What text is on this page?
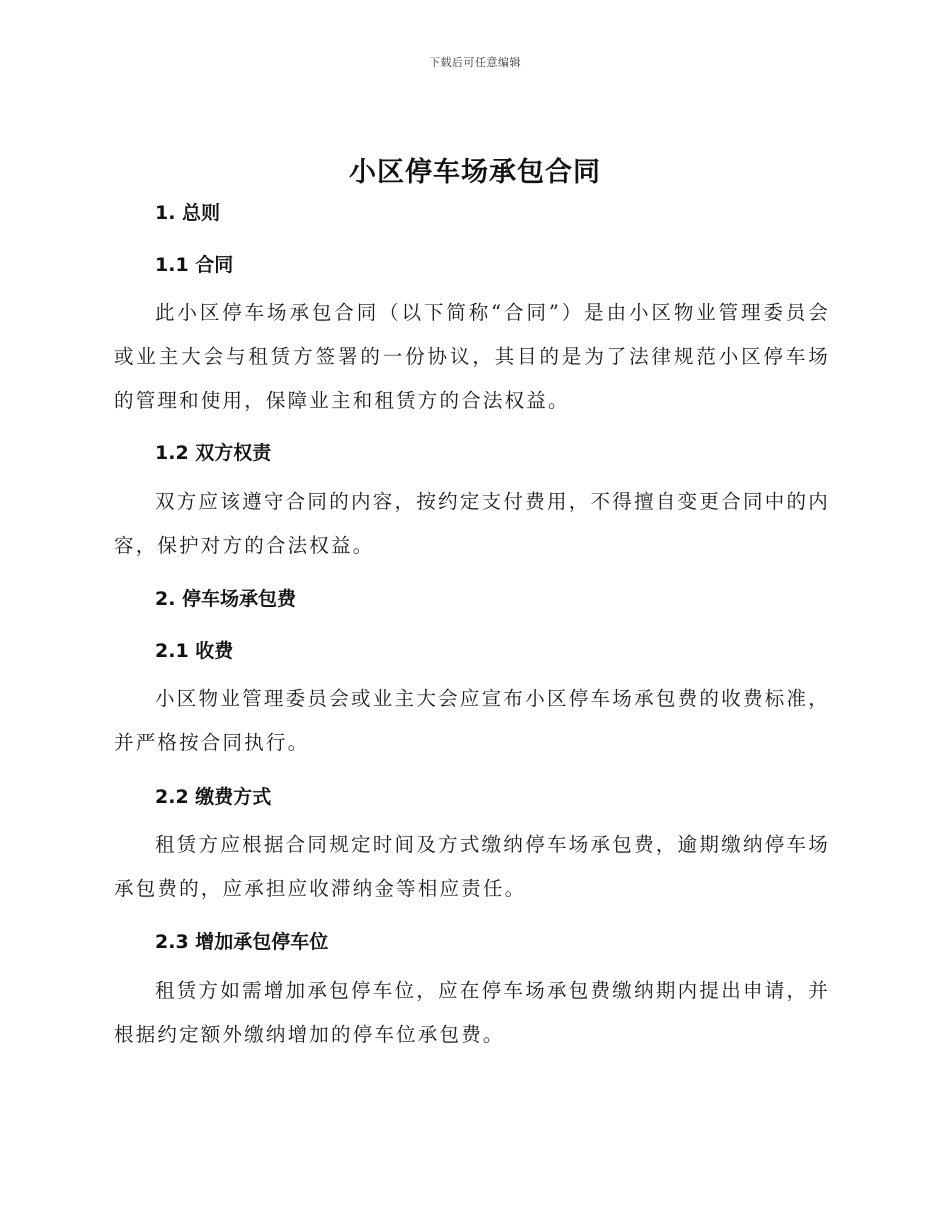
下载后可任意编辑
小区停车场承包合同
1. 总则
1.1 合同
此小区停车场承包合同（以下简称“合同”）是由小区物业管理委员会或业主大会与租赁方签署的一份协议，其目的是为了法律规范小区停车场的管理和使用，保障业主和租赁方的合法权益。
1.2 双方权责
双方应该遵守合同的内容，按约定支付费用，不得擅自变更合同中的内容，保护对方的合法权益。
2. 停车场承包费
2.1 收费
小区物业管理委员会或业主大会应宣布小区停车场承包费的收费标准，并严格按合同执行。
2.2 缴费方式
租赁方应根据合同规定时间及方式缴纳停车场承包费，逾期缴纳停车场承包费的，应承担应收滞纳金等相应责任。
2.3 增加承包停车位
租赁方如需增加承包停车位，应在停车场承包费缴纳期内提出申请，并根据约定额外缴纳增加的停车位承包费。
